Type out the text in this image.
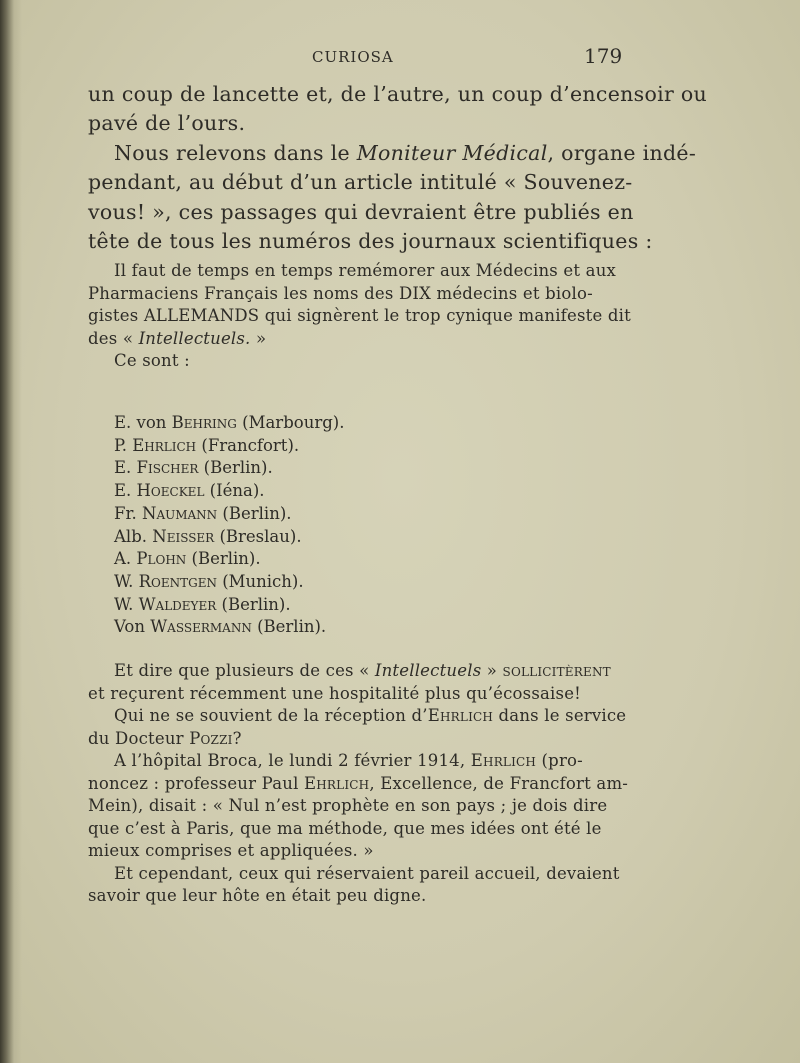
CURIOSA	179
un coup de lancette et, de l’autre, un coup d’encensoir ou
pavé de l’ours.
Nous relevons dans le Moniteur Médical, organe indé-
pendant, au début d’un article intitulé « Souvenez-
vous! », ces passages qui devraient être publiés en
tête de tous les numéros des journaux scientifiques :
Il faut de temps en temps remémorer aux Médecins et aux
Pharmaciens Français les noms des DIX médecins et biolo-
gistes ALLEMANDS qui signèrent le trop cynique manifeste dit
des « Intellectuels. »
Ce sont :
E. von Behring (Marbourg).
P. Ehrlich (Francfort).
E. Fischer (Berlin).
E. Hoeckel (Iéna).
Fr. Naumann (Berlin).
Alb. Neisser (Breslau).
A. Plohn (Berlin).
W. Roentgen (Munich).
W. Waldeyer (Berlin).
Von Wassermann (Berlin).
Et dire que plusieurs de ces « Intellectuels » sollicitèrent
et reçurent récemment une hospitalité plus qu’écossaise!
Qui ne se souvient de la réception d’Ehrlich dans le service
du Docteur Pozzi?
A l’hôpital Broca, le lundi 2 février 1914, Ehrlich (pro-
noncez : professeur Paul Ehrlich, Excellence, de Francfort am-
Mein), disait : « Nul n’est prophète en son pays ; je dois dire
que c’est à Paris, que ma méthode, que mes idées ont été le
mieux comprises et appliquées. »
Et cependant, ceux qui réservaient pareil accueil, devaient
savoir que leur hôte en était peu digne.
